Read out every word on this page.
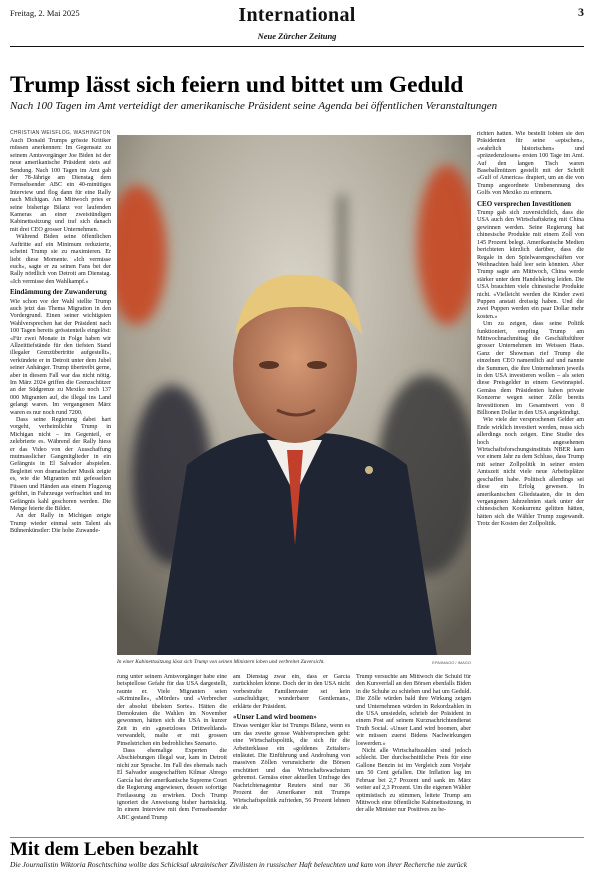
Freitag, 2. Mai 2025	International
Neue Zürcher Zeitung
3
Trump lässt sich feiern und bittet um Geduld
Nach 100 Tagen im Amt verteidigt der amerikanische Präsident seine Agenda bei öffentlichen Veranstaltungen
CHRISTIAN WEISFLOG, WASHINGTON

Auch Donald Trumps grösste Kritiker müssen anerkennen: Im Gegensatz zu seinem Amtsvorgänger Joe Biden ist der neue amerikanische Präsident stets auf Sendung. Nach 100 Tagen im Amt gab der 78-Jährige am Dienstag dem Fernsehsender ABC ein 40-minütiges Interview und flog dann für eine Rally nach Michigan. Am Mittwoch pries er seine bisherige Bilanz vor laufenden Kameras an einer zweistündigen Kabinettssitzung und traf sich danach mit drei CEO grosser Unternehmen.

Während Biden seine öffentlichen Auftritte auf ein Minimum reduzierte, scheint Trump sie zu maximieren. Er liebt diese Momente. «Ich vermisse euch», sagte er zu seinen Fans bei der Rally nördlich von Detroit am Dienstag. «Ich vermisse den Wahlkampf.»

Eindämmung der Zuwanderung

Wie schon vor der Wahl stellte Trump auch jetzt das Thema Migration in den Vordergrund. Einen seiner wichtigsten Wahlversprechen hat der Präsident nach 100 Tagen bereits grösstenteils eingelöst: «Für zwei Monate in Folge haben wir Allzeittiefstände für den tiefsten Stand illegaler Grenzübertritte aufgestellt», verkündete er in Detroit unter dem Jubel seiner Anhänger. Trump übertreibt gerne, aber in diesem Fall war das nicht nötig. Im März 2024 griffen die Grenzschützer an der Südgrenze zu Mexiko noch 137 000 Migranten auf, die illegal ins Land gelangt waren. Im vergangenen März waren es nur noch rund 7200.

Dass seine Regierung dabei hart vorgeht, verheimlichte Trump in Michigan nicht – im Gegenteil, er zelebrierte es. Während der Rally hiess er das Video von der Ausschaffung mutmasslicher Gangmitglieder in ein Gefängnis in El Salvador abspielen. Begleitet von dramatischer Musik zeigte es, wie die Migranten mit gefesselten Füssen und Händen aus einem Flugzeug geführt, in Fahrzeuge verfrachtet und im Gefängnis kahl geschoren werden. Die Menge feierte die Bilder.

An der Rally in Michigan zeigte Trump wieder einmal sein Talent als Bühnenkünstler: Die hohe Zuwande-

In einer Kabinettssitzung lässt sich Trump von seinen Ministern loben und verbreitet Zuversicht.	EPA/IMAGO / IMAGO

rung unter seinem Amtsvorgänger habe eine beispiellose Gefahr für das USA dargestellt, raunte er. Viele Migranten seien «Kriminelle», «Mörder» und «Verbrecher der absolut übelsten Sorte». Hätten die Demokraten die Wahlen im November gewonnen, hätten sich die USA in kurzer Zeit in ein «gesetzloses Drittweltland» verwandelt, malte er mit grossen Pinselstrichen ein bedrohliches Szenario.

Dass ehemalige Experten die Abschiebungen illegal war, kam in Detroit nicht zur Sprache. Im Fall des ehemals nach El Salvador ausgeschafften Kilmar Abrego García hat der amerikanische Supreme Court die Regierung angewiesen, dessen sofortige Freilassung zu erwirken. Doch Trump ignoriert die Anweisung bisher hartnäckig. In einem Interview mit dem Fernsehsender ABC gestand Trump

am Dienstag zwar ein, dass er García zurückholen könne. Doch der in den USA nicht vorbestrafte Familienvater sei kein «unschuldiger, wunderbarer Gentleman», erklärte der Präsident.

«Unser Land wird boomen»

Etwas weniger klar ist Trumps Bilanz, wenn es um das zweite grosse Wahlversprechen geht: eine Wirtschaftspolitik, die sich für die Arbeiterklasse ein «goldenes Zeitalter» einläutet. Die Einführung und Androhung von massiven Zöllen verunsicherte die Börsen erschüttert und das Wirtschaftswachstum gebremst. Gemäss einer aktuellen Umfrage des Nachrichtenagentur Reuters sind nur 36 Prozent der Amerikaner mit Trumps Wirtschaftspolitik zufrieden, 56 Prozent lehnen sie ab.

Trump versuchte am Mittwoch die Schuld für den Kursverfall an den Börsen ebenfalls Biden in die Schuhe zu schieben und hat um Geduld. Die Zölle würden bald ihre Wirkung zeigen und Unternehmen würden in Rekordzahlen in die USA umsiedeln, schrieb der Präsident in einem Post auf seinem Kurznachrichtendienst Truth Social. «Unser Land wird boomen, aber wir müssen zuerst Bidens Nachwirkungen loswerden.»

Nicht alle Wirtschaftszahlen sind jedoch schlecht. Der durchschnittliche Preis für eine Gallone Benzin ist im Vergleich zum Vorjahr um 50 Cent gefallen. Die Inflation lag im Februar bei 2,7 Prozent und sank im März weiter auf 2,3 Prozent. Um die eigenen Wähler optimistisch zu stimmen, leitete Trump am Mittwoch eine öffentliche Kabinettssitzung, in der alle Minister nur Positives zu be-

richten hatten. Wie bestellt lobten sie den Präsidenten für seine «epischen», «wahrlich historischen» und «präzedenzlosen» ersten 100 Tage im Amt. Auf den langen Tisch waren Baseballmützen gestellt mit der Schrift «Gulf of America» drapiert, um an die von Trump angeordnete Umbenennung des Golfs von Mexiko zu erinnern.

CEO versprechen Investitionen

Trump gab sich zuversichtlich, dass die USA auch den Wirtschaftskrieg mit China gewinnen werden. Seine Regierung hat chinesische Produkte mit einem Zoll von 145 Prozent belegt. Amerikanische Medien berichteten kürzlich darüber, dass die Regale in den Spielwarengeschäften vor Weihnachten bald leer sein könnten. Aber Trump sagte am Mittwoch, China werde stärker unter dem Handelskrieg leiden. Die USA brauchten viele chinesische Produkte nicht. «Vielleicht werden die Kinder zwei Puppen anstatt dreissig haben. Und die zwei Puppen werden ein paar Dollar mehr kosten.»

Um zu zeigen, dass seine Politik funktioniert, empfing Trump am Mittwochnachmittag die Geschäftsführer grosser Unternehmen im Weissen Haus. Ganz der Showman rief Trump die einzelnen CEO namentlich auf und nannte die Summen, die ihre Unternehmen jeweils in den USA investieren wollen – als seien diese Preisgelder in einem Gewinnspiel. Gemäss dem Präsidenten haben private Konzerne wegen seiner Zölle bereits Investitionen im Gesamtwert von 8 Billionen Dollar in den USA angekündigt.

Wie viele der versprochenen Gelder am Ende wirklich investiert werden, muss sich allerdings noch zeigen. Eine Studie des hoch angesehenen Wirtschaftsforschungsinstituts NBER kam vor einem Jahr zu dem Schluss, dass Trump mit seiner Zollpolitik in seiner ersten Amtszeit nicht viele neue Arbeitsplätze geschaffen habe. Politisch allerdings sei diese ein Erfolg gewesen. In amerikanischen Gliedstaaten, die in den vergangenen Jahrzehnten stark unter der chinesischen Konkurrenz gelitten hätten, hätten sich die Wähler Trump zugewandt. Trotz der Kosten der Zollpolitik.

Mit dem Leben bezahlt
Die Journalistin Wiktoria Roschtschina wollte das Schicksal ukrainischer Zivilisten in russischer Haft beleuchten und kam von ihrer Recherche nie zurück
